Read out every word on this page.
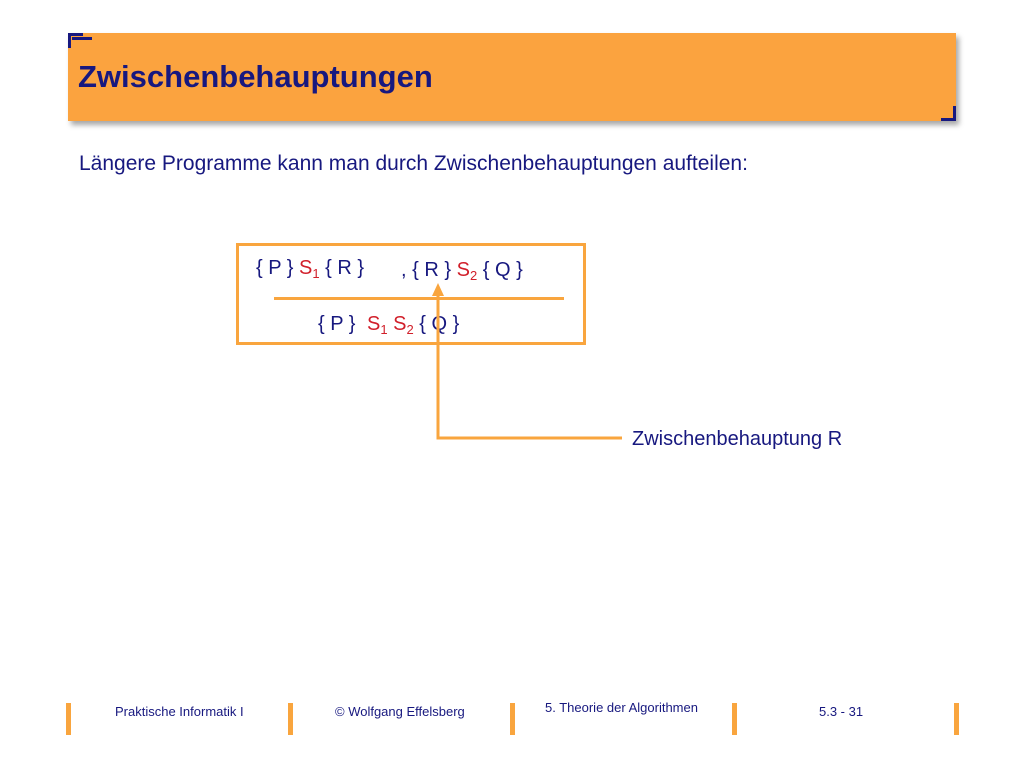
Zwischenbehauptungen
Längere Programme kann man durch Zwischenbehauptungen aufteilen:
{ P } $S_1$ { R } , { R } $S_2$ { Q }
{ P } $S_1$ $S_2$ { Q }
Zwischenbehauptung R
Praktische Informatik I	© Wolfgang Effelsberg	5. Theorie der Algorithmen	5.3 - 31
